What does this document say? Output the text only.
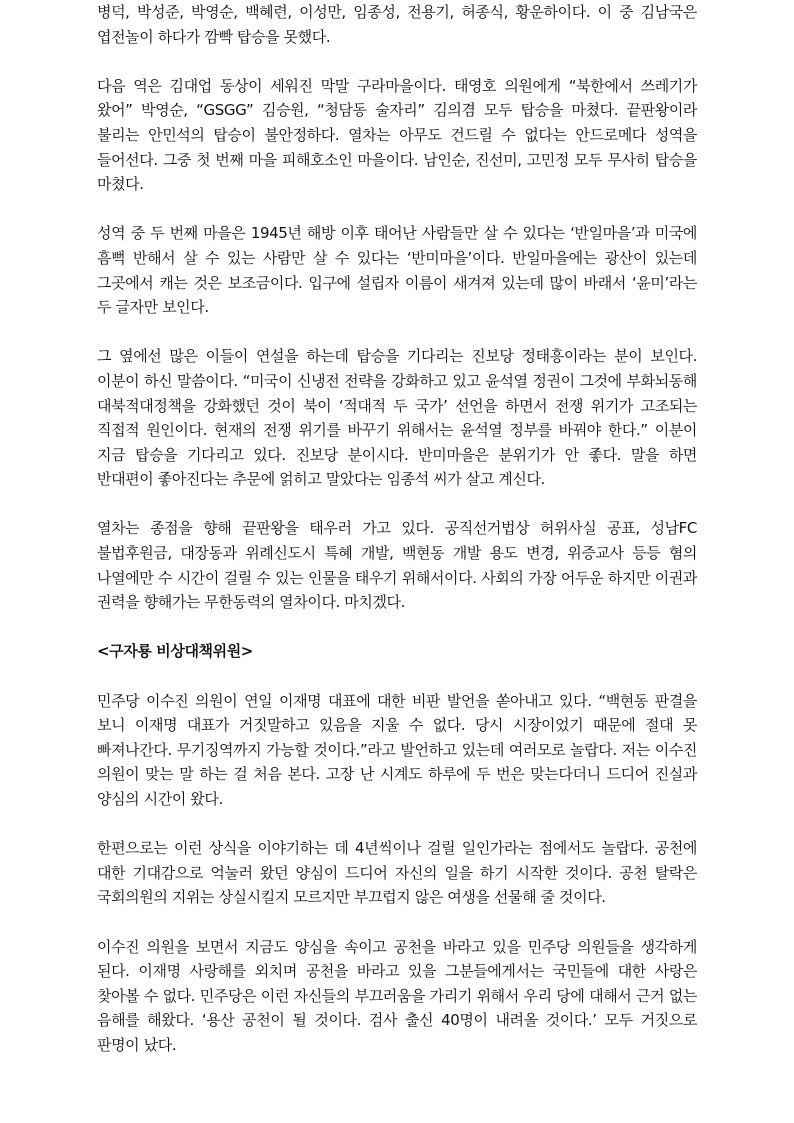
병덕, 박성준, 박영순, 백혜련, 이성만, 임종성, 전용기, 허종식, 황운하이다. 이 중 김남국은 엽전놀이 하다가 깜빡 탑승을 못했다.

다음 역은 김대업 동상이 세워진 막말 구라마을이다. 태영호 의원에게 “북한에서 쓰레기가 왔어” 박영순, “GSGG” 김승원, “청담동 술자리” 김의겸 모두 탑승을 마쳤다. 끝판왕이라 불리는 안민석의 탑승이 불안정하다. 열차는 아무도 건드릴 수 없다는 안드로메다 성역을 들어선다. 그중 첫 번째 마을 피해호소인 마을이다. 남인순, 진선미, 고민정 모두 무사히 탑승을 마쳤다.

성역 중 두 번째 마을은 1945년 해방 이후 태어난 사람들만 살 수 있다는 ‘반일마을’과 미국에 흠뻑 반해서 살 수 있는 사람만 살 수 있다는 ‘반미마을’이다. 반일마을에는 광산이 있는데 그곳에서 캐는 것은 보조금이다. 입구에 설립자 이름이 새겨져 있는데 많이 바래서 ‘윤미’라는 두 글자만 보인다.

그 옆에선 많은 이들이 연설을 하는데 탑승을 기다리는 진보당 정태흥이라는 분이 보인다. 이분이 하신 말씀이다. “미국이 신냉전 전략을 강화하고 있고 윤석열 정권이 그것에 부화뇌동해 대북적대정책을 강화했던 것이 북이 ‘적대적 두 국가’ 선언을 하면서 전쟁 위기가 고조되는 직접적 원인이다. 현재의 전쟁 위기를 바꾸기 위해서는 윤석열 정부를 바꿔야 한다.” 이분이 지금 탑승을 기다리고 있다. 진보당 분이시다. 반미마을은 분위기가 안 좋다. 말을 하면 반대편이 좋아진다는 추문에 얽히고 말았다는 임종석 씨가 살고 계신다.

열차는 종점을 향해 끝판왕을 태우러 가고 있다. 공직선거법상 허위사실 공표, 성남FC 불법후원금, 대장동과 위례신도시 특혜 개발, 백현동 개발 용도 변경, 위증교사 등등 혐의 나열에만 수 시간이 걸릴 수 있는 인물을 태우기 위해서이다. 사회의 가장 어두운 하지만 이권과 권력을 향해가는 무한동력의 열차이다. 마치겠다.

<구자룡 비상대책위원>

민주당 이수진 의원이 연일 이재명 대표에 대한 비판 발언을 쏟아내고 있다. “백현동 판결을 보니 이재명 대표가 거짓말하고 있음을 지울 수 없다. 당시 시장이었기 때문에 절대 못 빠져나간다. 무기징역까지 가능할 것이다.”라고 발언하고 있는데 여러모로 놀랍다. 저는 이수진 의원이 맞는 말 하는 걸 처음 본다. 고장 난 시계도 하루에 두 번은 맞는다더니 드디어 진실과 양심의 시간이 왔다.

한편으로는 이런 상식을 이야기하는 데 4년씩이나 걸릴 일인가라는 점에서도 놀랍다. 공천에 대한 기대감으로 억눌러 왔던 양심이 드디어 자신의 일을 하기 시작한 것이다. 공천 탈락은 국회의원의 지위는 상실시킬지 모르지만 부끄럽지 않은 여생을 선물해 줄 것이다.

이수진 의원을 보면서 지금도 양심을 속이고 공천을 바라고 있을 민주당 의원들을 생각하게 된다. 이재명 사랑해를 외치며 공천을 바라고 있을 그분들에게서는 국민들에 대한 사랑은 찾아볼 수 없다. 민주당은 이런 자신들의 부끄러움을 가리기 위해서 우리 당에 대해서 근거 없는 음해를 해왔다. ‘용산 공천이 될 것이다. 검사 출신 40명이 내려올 것이다.’ 모두 거짓으로 판명이 났다.
